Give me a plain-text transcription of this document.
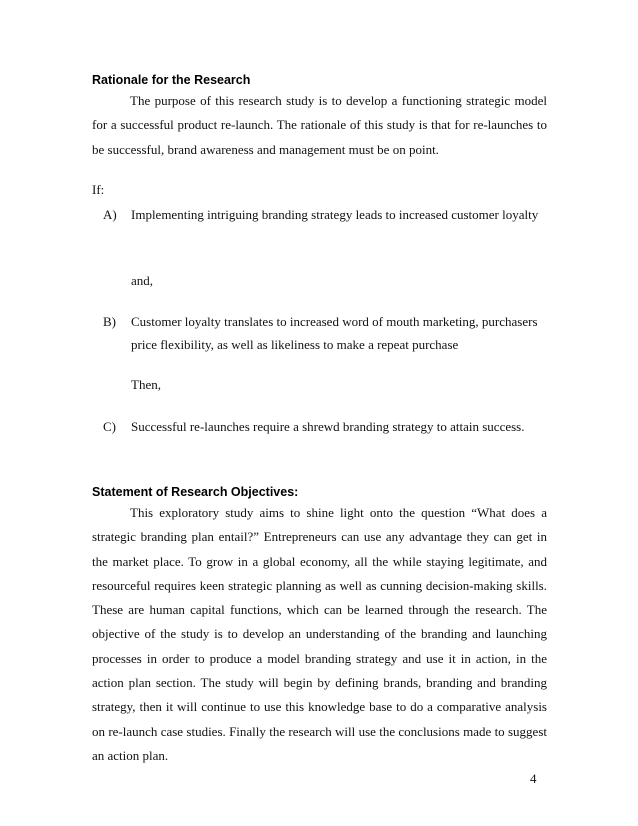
Rationale for the Research

The purpose of this research study is to develop a functioning strategic model for a successful product re-launch. The rationale of this study is that for re-launches to be successful, brand awareness and management must be on point.

If:
A) Implementing intriguing branding strategy leads to increased customer loyalty
and,
B) Customer loyalty translates to increased word of mouth marketing, purchasers price flexibility, as well as likeliness to make a repeat purchase
Then,
C) Successful re-launches require a shrewd branding strategy to attain success.
Statement of Research Objectives:

This exploratory study aims to shine light onto the question “What does a strategic branding plan entail?” Entrepreneurs can use any advantage they can get in the market place. To grow in a global economy, all the while staying legitimate, and resourceful requires keen strategic planning as well as cunning decision-making skills. These are human capital functions, which can be learned through the research. The objective of the study is to develop an understanding of the branding and launching processes in order to produce a model branding strategy and use it in action, in the action plan section. The study will begin by defining brands, branding and branding strategy, then it will continue to use this knowledge base to do a comparative analysis on re-launch case studies. Finally the research will use the conclusions made to suggest an action plan.

4
